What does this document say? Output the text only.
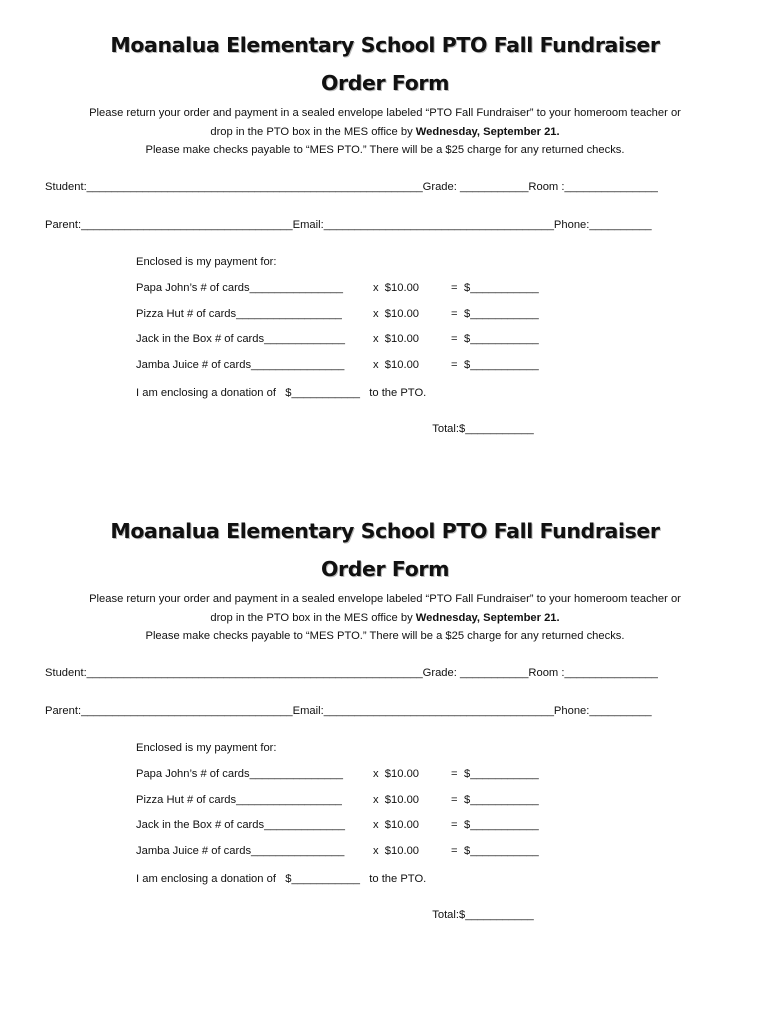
Moanalua Elementary School PTO Fall Fundraiser
Order Form
Please return your order and payment in a sealed envelope labeled “PTO Fall Fundraiser” to your homeroom teacher or
drop in the PTO box in the MES office by Wednesday, September 21.
Please make checks payable to “MES PTO.” There will be a $25 charge for any returned checks.
Student:______________________________________________________Grade: ___________Room :_______________
Parent:__________________________________Email:_____________________________________Phone:__________
Enclosed is my payment for:
Papa John’s # of cards_______________	x  $10.00	= $___________
Pizza Hut # of cards_________________	x  $10.00	= $___________
Jack in the Box # of cards_____________	x  $10.00	= $___________
Jamba Juice # of cards_______________	x  $10.00	= $___________
I am enclosing a donation of   $___________   to the PTO.
Total:$___________
Moanalua Elementary School PTO Fall Fundraiser
Order Form
Please return your order and payment in a sealed envelope labeled “PTO Fall Fundraiser” to your homeroom teacher or
drop in the PTO box in the MES office by Wednesday, September 21.
Please make checks payable to “MES PTO.” There will be a $25 charge for any returned checks.
Student:______________________________________________________Grade: ___________Room :_______________
Parent:__________________________________Email:_____________________________________Phone:__________
Enclosed is my payment for:
Papa John’s # of cards_______________	x  $10.00	= $___________
Pizza Hut # of cards_________________	x  $10.00	= $___________
Jack in the Box # of cards_____________	x  $10.00	= $___________
Jamba Juice # of cards_______________	x  $10.00	= $___________
I am enclosing a donation of   $___________   to the PTO.
Total:$___________
